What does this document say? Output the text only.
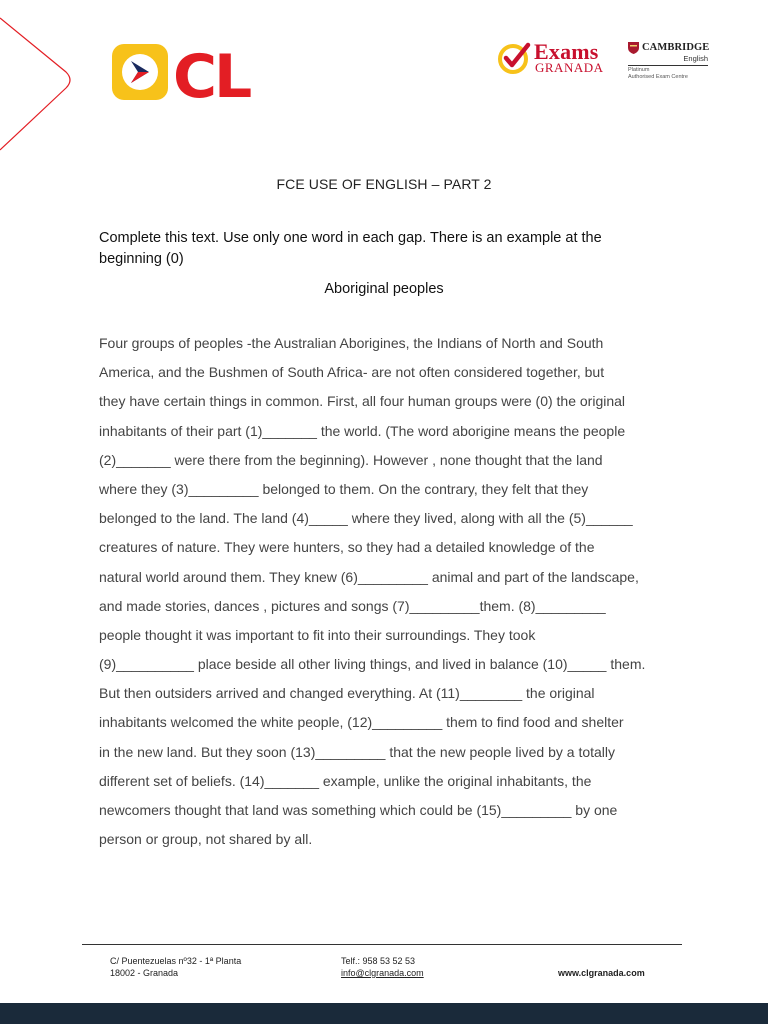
CL	Exams
GRANADA
CAMBRIDGE
English
Platinum
Authorised Exam Centre
FCE USE OF ENGLISH – PART 2
Complete this text. Use only one word in each gap. There is an example at the beginning (0)
Aboriginal peoples
Four groups of peoples -the Australian Aborigines, the Indians of North and South
America, and the Bushmen of South Africa- are not often considered together, but
they have certain things in common. First, all four human groups were (0) the original
inhabitants of their part (1)_______ the world. (The word aborigine means the people
(2)_______ were there from the beginning). However , none thought that the land
where they (3)_________ belonged to them. On the contrary, they felt that they
belonged to the land. The land (4)_____ where they lived, along with all the (5)______
creatures of nature. They were hunters, so they had a detailed knowledge of the
natural world around them. They knew (6)_________ animal and part of the landscape,
and made stories, dances , pictures and songs (7)_________them. (8)_________
people thought it was important to fit into their surroundings. They took
(9)__________ place beside all other living things, and lived in balance (10)_____ them.
But then outsiders arrived and changed everything. At (11)________ the original
inhabitants welcomed the white people, (12)_________ them to find food and shelter
in the new land. But they soon (13)_________ that the new people lived by a totally
different set of beliefs. (14)_______ example, unlike the original inhabitants, the
newcomers thought that land was something which could be (15)_________ by one
person or group, not shared by all.
C/ Puentezuelas nº32 - 1ª Planta
18002 - Granada
Telf.: 958 53 52 53
info@clgranada.com	www.clgranada.com
